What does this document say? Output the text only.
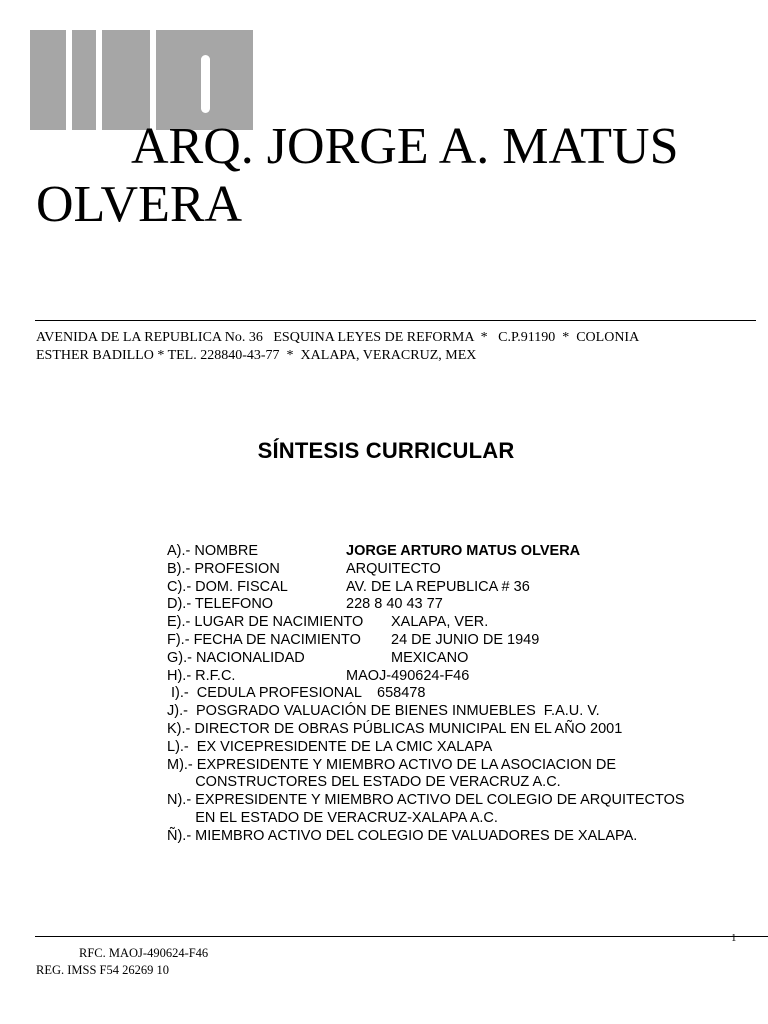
ARQ. JORGE A. MATUS
OLVERA
AVENIDA DE LA REPUBLICA No. 36   ESQUINA LEYES DE REFORMA  *   C.P.91190  *  COLONIA
ESTHER BADILLO * TEL. 228840-43-77  *  XALAPA, VERACRUZ, MEX
SÍNTESIS CURRICULAR
A).- NOMBRE	JORGE ARTURO MATUS OLVERA
B).- PROFESION	ARQUITECTO
C).- DOM. FISCAL	AV. DE LA REPUBLICA # 36
D).- TELEFONO	228 8 40 43 77
E).- LUGAR DE NACIMIENTO XALAPA, VER.
F).- FECHA DE NACIMIENTO 24 DE JUNIO DE 1949
G).- NACIONALIDAD	MEXICANO
H).- R.F.C.	MAOJ-490624-F46
I).-  CEDULA PROFESIONAL 658478
J).-  POSGRADO VALUACIÓN DE BIENES INMUEBLES  F.A.U. V.
K).- DIRECTOR DE OBRAS PÚBLICAS MUNICIPAL EN EL AÑO 2001
L).-  EX VICEPRESIDENTE DE LA CMIC XALAPA
M).- EXPRESIDENTE Y MIEMBRO ACTIVO DE LA ASOCIACION DE
CONSTRUCTORES DEL ESTADO DE VERACRUZ A.C.
N).- EXPRESIDENTE Y MIEMBRO ACTIVO DEL COLEGIO DE ARQUITECTOS
EN EL ESTADO DE VERACRUZ-XALAPA A.C.
Ñ).- MIEMBRO ACTIVO DEL COLEGIO DE VALUADORES DE XALAPA.
1
RFC. MAOJ-490624-F46
REG. IMSS F54 26269 10
